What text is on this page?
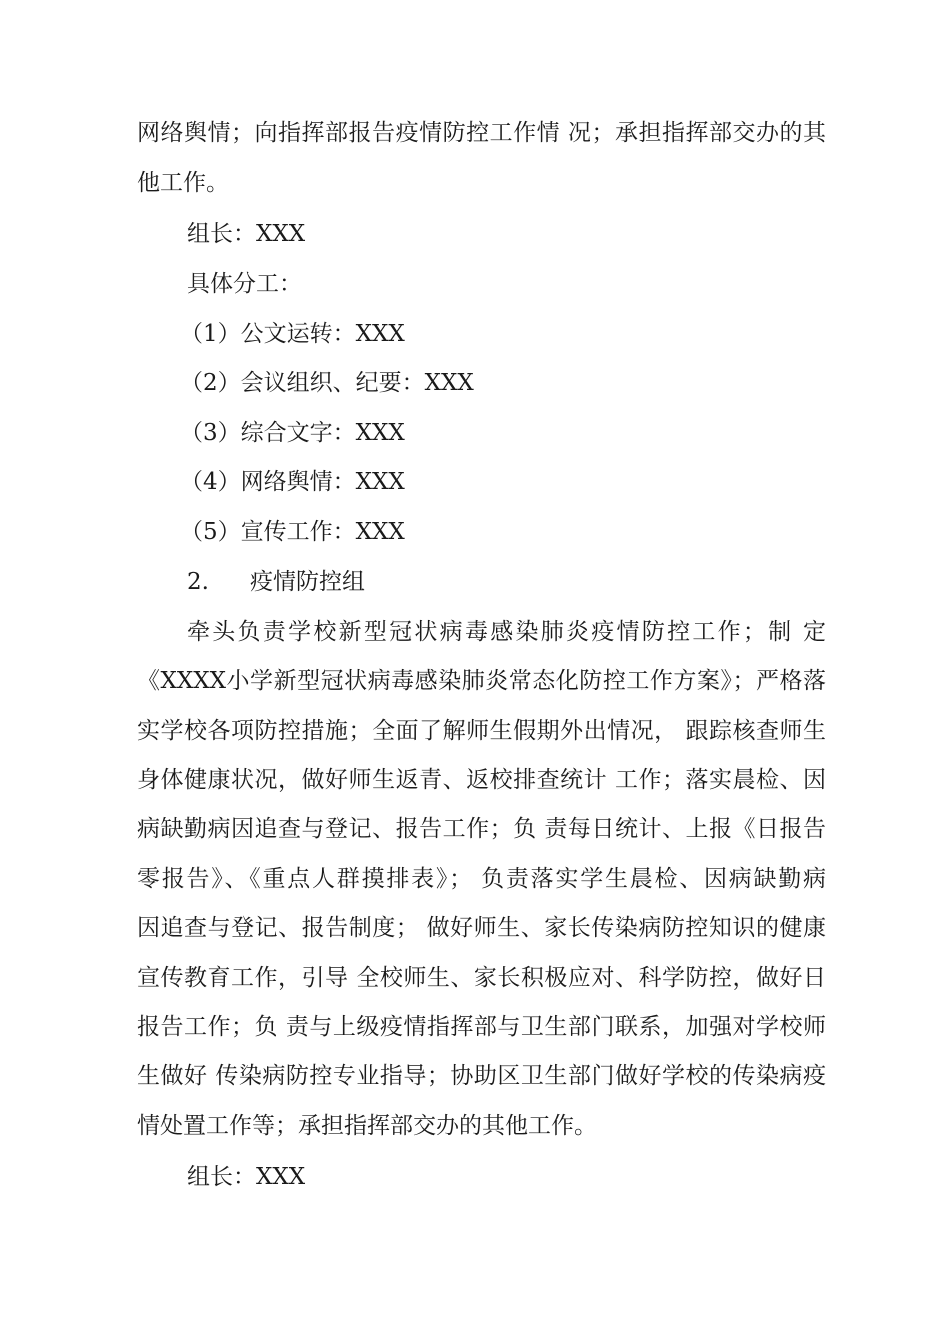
网络舆情；向指挥部报告疫情防控工作情 况；承担指挥部交办的其
他工作。
组长：XXX
具体分工：
（1）公文运转：XXX
（2）会议组织、纪要：XXX
（3）综合文字：XXX
（4）网络舆情：XXX
（5）宣传工作：XXX
2. 疫情防控组
牵头负责学校新型冠状病毒感染肺炎疫情防控工作；制 定
《XXXX小学新型冠状病毒感染肺炎常态化防控工作方案》；严格落
实学校各项防控措施；全面了解师生假期外出情况， 跟踪核查师生
身体健康状况，做好师生返青、返校排查统计 工作；落实晨检、因
病缺勤病因追查与登记、报告工作；负 责每日统计、上报《日报告
零报告》、《重点人群摸排表》； 负责落实学生晨检、因病缺勤病
因追查与登记、报告制度； 做好师生、家长传染病防控知识的健康
宣传教育工作，引导 全校师生、家长积极应对、科学防控，做好日
报告工作；负 责与上级疫情指挥部与卫生部门联系，加强对学校师
生做好 传染病防控专业指导；协助区卫生部门做好学校的传染病疫
情处置工作等；承担指挥部交办的其他工作。
组长：XXX
